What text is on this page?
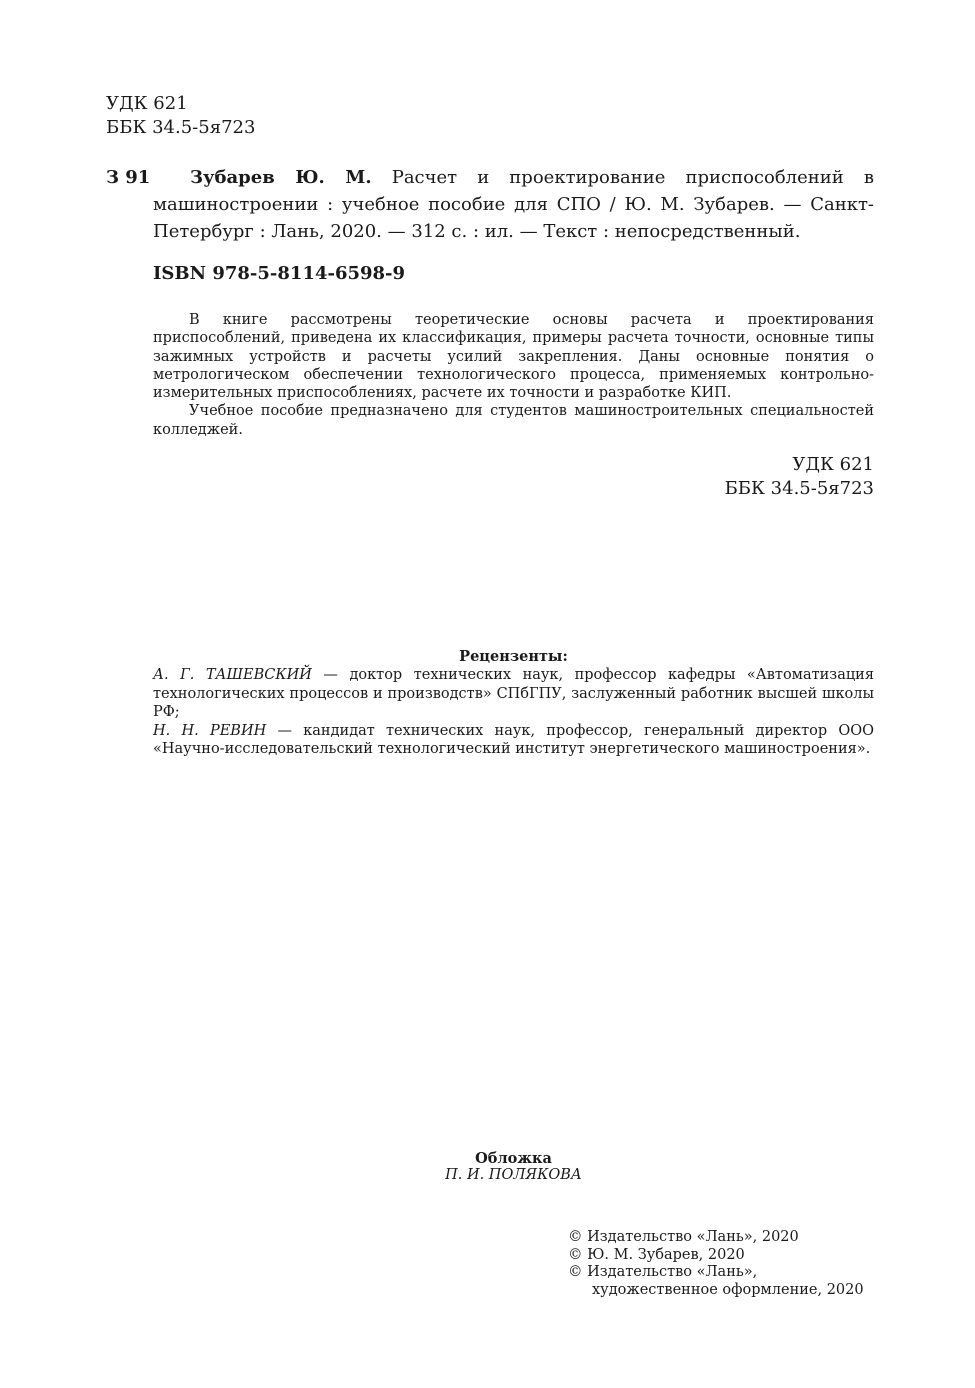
УДК 621
ББК 34.5-5я723
З 91	Зубарев Ю. М. Расчет и проектирование приспособлений в машиностроении : учебное пособие для СПО / Ю. М. Зубарев. — Санкт-Петербург : Лань, 2020. — 312 с. : ил. — Текст : непосредственный.
ISBN 978-5-8114-6598-9

В книге рассмотрены теоретические основы расчета и проектирования приспособлений, приведена их классификация, примеры расчета точности, основные типы зажимных устройств и расчеты усилий закрепления. Даны основные понятия о метрологическом обеспечении технологического процесса, применяемых контрольно-измерительных приспособлениях, расчете их точности и разработке КИП.

Учебное пособие предназначено для студентов машиностроительных специальностей колледжей.

УДК 621
ББК 34.5-5я723
Рецензенты:

А. Г. ТАШЕВСКИЙ — доктор технических наук, профессор кафедры «Автоматизация технологических процессов и производств» СПбГПУ, заслуженный работник высшей школы РФ;

Н. Н. РЕВИН — кандидат технических наук, профессор, генеральный директор ООО «Научно-исследовательский технологический институт энергетического машиностроения».

Обложка
П. И. ПОЛЯКОВА
© Издательство «Лань», 2020
© Ю. М. Зубарев, 2020
© Издательство «Лань»,
художественное оформление, 2020
